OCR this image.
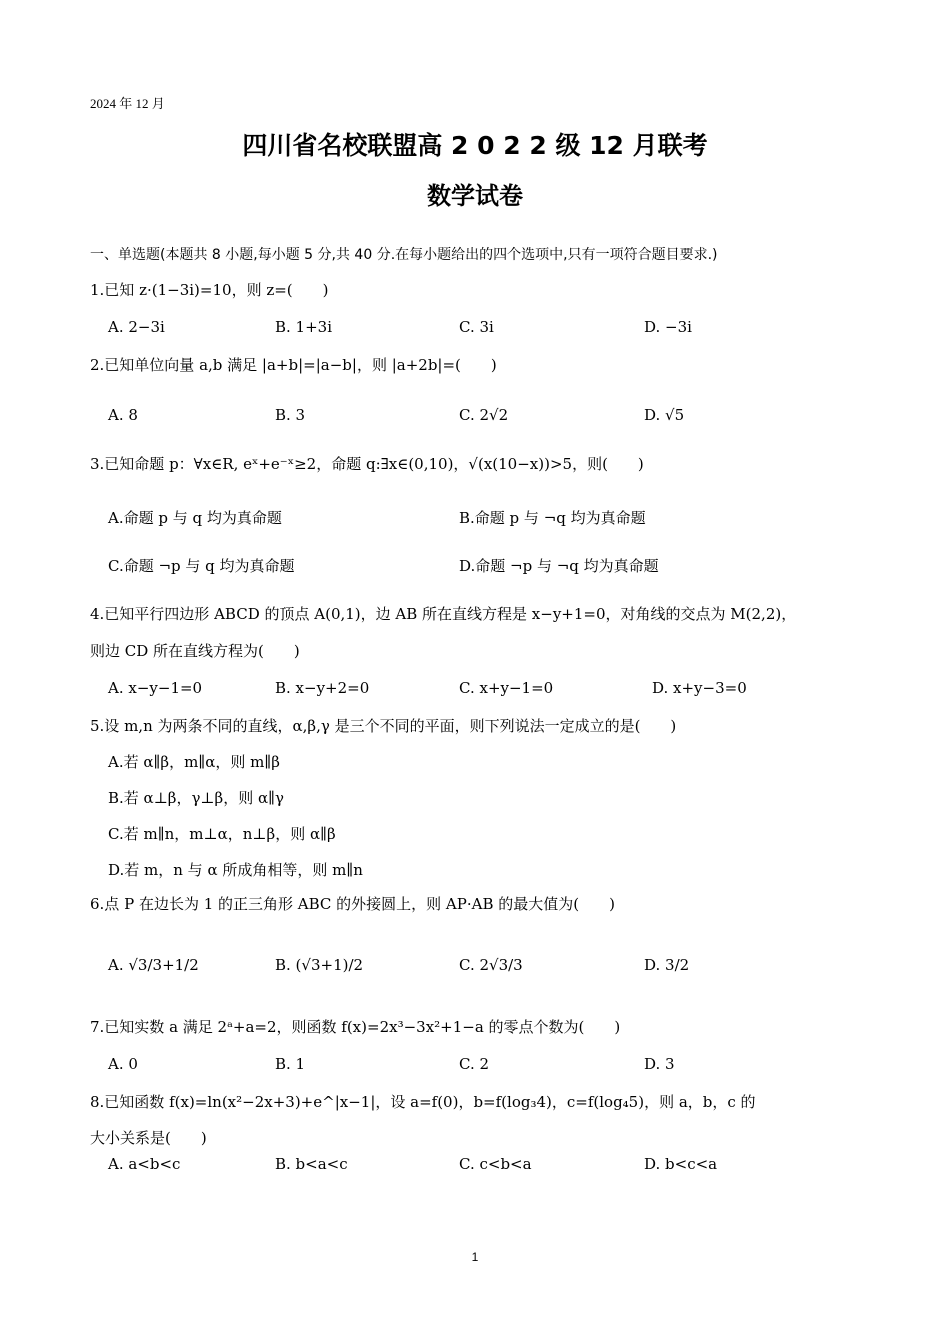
2024 年 12 月
四川省名校联盟高 2 0 2 2 级 12 月联考
数学试卷
一、单选题(本题共 8 小题,每小题 5 分,共 40 分.在每小题给出的四个选项中,只有一项符合题目要求.)
1.已知 z·(1−3i)=10，则 z=(　　)
A. 2−3i	B. 1+3i	C. 3i	D. −3i
2.已知单位向量 a,b 满足 |a+b|=|a−b|，则 |a+2b|=(　　)
A. 8	B. 3	C. 2√2	D. √5
3.已知命题 p：∀x∈R, eˣ+e⁻ˣ≥2，命题 q:∃x∈(0,10)，√(x(10−x))>5，则(　　)
A.命题 p 与 q 均为真命题	B.命题 p 与 ¬q 均为真命题
C.命题 ¬p 与 q 均为真命题	D.命题 ¬p 与 ¬q 均为真命题
4.已知平行四边形 ABCD 的顶点 A(0,1)，边 AB 所在直线方程是 x−y+1=0，对角线的交点为 M(2,2)，
则边 CD 所在直线方程为(　　)
A. x−y−1=0	B. x−y+2=0	C. x+y−1=0	D. x+y−3=0
5.设 m,n 为两条不同的直线，α,β,γ 是三个不同的平面，则下列说法一定成立的是(　　)
A.若 α∥β，m∥α，则 m∥β
B.若 α⊥β，γ⊥β，则 α∥γ
C.若 m∥n，m⊥α，n⊥β，则 α∥β
D.若 m，n 与 α 所成角相等，则 m∥n
6.点 P 在边长为 1 的正三角形 ABC 的外接圆上，则 AP·AB 的最大值为(　　)
A. √3/3+1/2	B. (√3+1)/2	C. 2√3/3	D. 3/2
7.已知实数 a 满足 2ᵃ+a=2，则函数 f(x)=2x³−3x²+1−a 的零点个数为(　　)
A. 0	B. 1	C. 2	D. 3
8.已知函数 f(x)=ln(x²−2x+3)+e^|x−1|，设 a=f(0)，b=f(log₃4)，c=f(log₄5)，则 a，b，c 的
大小关系是(　　)
A. a<b<c	B. b<a<c	C. c<b<a	D. b<c<a
1
